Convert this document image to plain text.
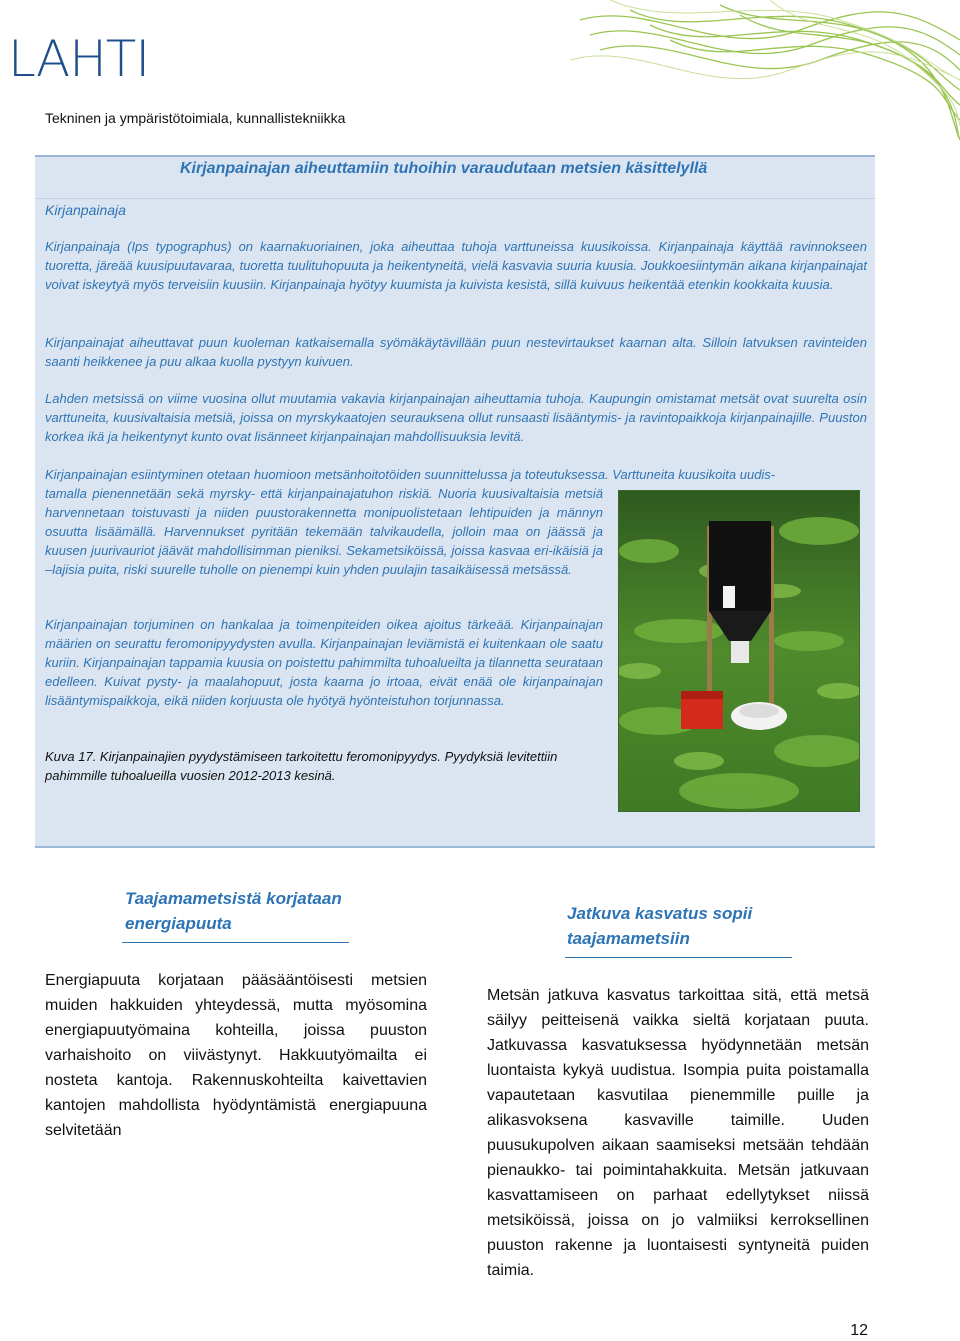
LAHTI
Tekninen ja ympäristötoimiala, kunnallistekniikka
Kirjanpainajan aiheuttamiin tuhoihin varaudutaan metsien käsittelyllä
Kirjanpainaja
Kirjanpainaja (Ips typographus) on kaarnakuoriainen, joka aiheuttaa tuhoja varttuneissa kuusikoissa. Kirjanpainaja käyttää ravinnokseen tuoretta, järeää kuusipuutavaraa, tuoretta tuulituhopuuta ja heikentyneitä, vielä kasvavia suuria kuusia. Joukkoesiintymän aikana kirjanpainajat voivat iskeytyä myös terveisiin kuusiin. Kirjanpainaja hyötyy kuumista ja kuivista kesistä, sillä kuivuus heikentää etenkin kookkaita kuusia.
Kirjanpainajat aiheuttavat puun kuoleman katkaisemalla syömäkäytävillään puun nestevirtaukset kaarnan alta. Silloin latvuksen ravinteiden saanti heikkenee ja puu alkaa kuolla pystyyn kuivuen.
Lahden metsissä on viime vuosina ollut muutamia vakavia kirjanpainajan aiheuttamia tuhoja. Kaupungin omistamat metsät ovat suurelta osin varttuneita, kuusivaltaisia metsiä, joissa on myrskykaatojen seurauksena ollut runsaasti lisääntymis- ja ravintopaikkoja kirjanpainajille. Puuston korkea ikä ja heikentynyt kunto ovat lisänneet kirjanpainajan mahdollisuuksia levitä.
Kirjanpainajan esiintyminen otetaan huomioon metsänhoitotöiden suunnittelussa ja toteutuksessa. Varttuneita kuusikoita uudis-
tamalla pienennetään sekä myrsky- että kirjanpainajatuhon riskiä. Nuoria kuusivaltaisia metsiä harvennetaan toistuvasti ja niiden puustorakennetta monipuolistetaan lehtipuiden ja männyn osuutta lisäämällä. Harvennukset pyritään tekemään talvikaudella, jolloin maa on jäässä ja kuusen juurivauriot jäävät mahdollisimman pieniksi. Sekametsiköissä, joissa kasvaa eri-ikäisiä ja –lajisia puita, riski suurelle tuholle on pienempi kuin yhden puulajin tasaikäisessä metsässä.
Kirjanpainajan torjuminen on hankalaa ja toimenpiteiden oikea ajoitus tärkeää. Kirjanpainajan määrien on seurattu feromonipyydysten avulla. Kirjanpainajan leviämistä ei kuitenkaan ole saatu kuriin. Kirjanpainajan tappamia kuusia on poistettu pahimmilta tuhoalueilta ja tilannetta seurataan edelleen. Kuivat pysty- ja maalahopuut, josta kaarna jo irtoaa, eivät enää ole kirjanpainajan lisääntymispaikkoja, eikä niiden korjuusta ole hyötyä hyönteistuhon torjunnassa.
Kuva 17. Kirjanpainajien pyydystämiseen tarkoitettu feromonipyydys. Pyydyksiä levitettiin pahimmille tuhoalueilla vuosien 2012-2013 kesinä.
Taajamametsistä korjataan energiapuuta
Energiapuuta korjataan pääsääntöisesti metsien muiden hakkuiden yhteydessä, mutta myösomina energiapuutyömaina kohteilla, joissa puuston varhaishoito on viivästynyt. Hakkuutyömailta ei nosteta kantoja. Rakennuskohteilta kaivettavien kantojen mahdollista hyödyntämistä energiapuuna selvitetään
Jatkuva kasvatus sopii taajamametsiin
Metsän jatkuva kasvatus tarkoittaa sitä, että metsä säilyy peitteisenä vaikka sieltä korjataan puuta. Jatkuvassa kasvatuksessa hyödynnetään metsän luontaista kykyä uudistua. Isompia puita poistamalla vapautetaan kasvutilaa pienemmille puille ja alikasvoksena kasvaville taimille. Uuden puusukupolven aikaan saamiseksi metsään tehdään pienaukko- tai poimintahakkuita. Metsän jatkuvaan kasvattamiseen on parhaat edellytykset niissä metsiköissä, joissa on jo valmiiksi kerroksellinen puuston rakenne ja luontaisesti syntyneitä puiden taimia.
12
